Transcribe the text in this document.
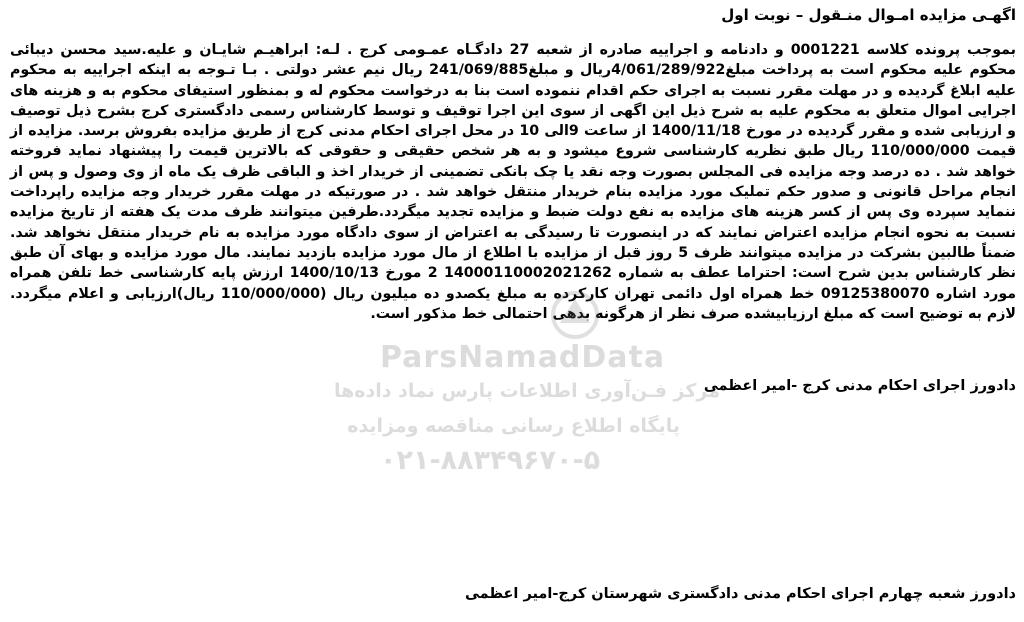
اگهـی مزایده امـوال منـقول – نوبت اول
بموجب پرونده کلاسه 0001221 و دادنامه و اجراییه صادره از شعبه 27 دادگـاه عمـومی کرج . لـه: ابراهیـم شایـان و علیه.سید محسن دیبائی محکوم علیه محکوم است به پرداخت مبلغ4/061/289/922ریال و مبلغ241/069/885 ریال نیم عشر دولتی . بـا تـوجه به اینکه اجراییه به محکوم علیه ابلاغ گردیده و در مهلت مقرر نسبت به اجرای حکم اقدام ننموده است بنا به درخواست محکوم له و بمنظور استیفای محکوم به و هزینه های اجرایی اموال متعلق به محکوم علیه به شرح ذیل این اگهی از سوی این اجرا توقیف و توسط کارشناس رسمی دادگستری کرج بشرح ذیل توصیف و ارزیابی شده و مقرر گردیده در مورخ 1400/11/18 از ساعت 9الی 10 در محل اجرای احکام مدنی کرج از طریق مزایده بفروش برسد. مزایده از قیمت 110/000/000 ریال طبق نظریه کارشناسی شروع میشود و به هر شخص حقیقی و حقوقی که بالاترین قیمت را پیشنهاد نماید فروخته خواهد شد . ده درصد وجه مزایده فی المجلس بصورت وجه نقد یا چک بانکی تضمینی از خریدار اخذ و الباقی ظرف یک ماه از وی وصول و پس از انجام مراحل قانونی و صدور حکم تملیک مورد مزایده بنام خریدار منتقل خواهد شد . در صورتیکه در مهلت مقرر خریدار وجه مزایده راپرداخت ننماید سپرده وی پس از کسر هزینه های مزایده به نفع دولت ضبط و مزایده تجدید میگردد.طرفین میتوانند ظرف مدت یک هفته از تاریخ مزایده نسبت به نحوه انجام مزایده اعتراض نمایند که در اینصورت تا رسیدگی به اعتراض از سوی دادگاه مورد مزایده به نام خریدار منتقل نخواهد شد. ضمناً طالبین بشرکت در مزایده میتوانند ظرف 5 روز قبل از مزایده با اطلاع از مال مورد مزایده بازدید نمایند. مال مورد مزایده و بهای آن طبق نظر کارشناس بدین شرح است: احتراما عطف به شماره 14000110002021262 2 مورخ 1400/10/13 ارزش پایه کارشناسی خط تلفن همراه مورد اشاره 09125380070 خط همراه اول دائمی تهران کارکرده به مبلغ یکصدو ده میلیون ریال (110/000/000 ریال)ارزیابی و اعلام میگردد. لازم به توضیح است که مبلغ ارزیابیشده صرف نظر از هرگونه بدهی احتمالی خط مذکور است.
دادورز اجرای احکام مدنی کرج -امیر اعظمی
ParsNamadData
مرکز فـن‌آوری اطلاعات پارس نماد داده‌ها
پایگاه اطلاع رسانی مناقصه ومزایده
۰۲۱-۸۸۳۴۹۶۷۰-۵
دادورز شعبه چهارم اجرای احکام مدنی دادگستری شهرستان کرج-امیر اعظمی
